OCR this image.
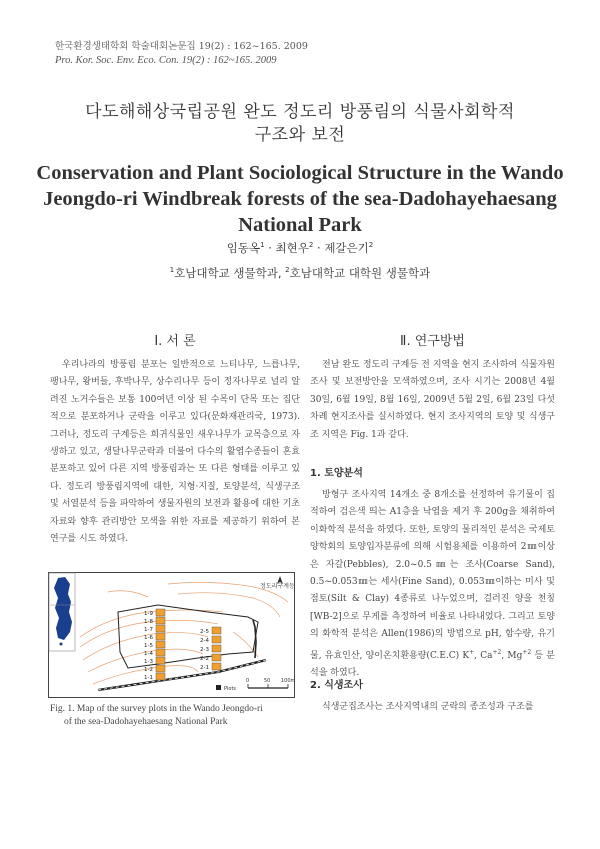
한국환경생태학회 학술대회논문집 19(2) : 162~165. 2009
Pro. Kor. Soc. Env. Eco. Con. 19(2) : 162~165. 2009
다도해해상국립공원 완도 정도리 방풍림의 식물사회학적
구조와 보전
Conservation and Plant Sociological Structure in the Wando
Jeongdo-ri Windbreak forests of the sea-Dadohayehaesang
National Park
임동옥$^1$ · 최현우$^2$ · 제갈은기$^2$
$^1$호남대학교 생물학과, $^2$호남대학교 대학원 생물학과
Ⅰ. 서 론

우리나라의 방풍림 분포는 일반적으로 느티나무, 느릅나무, 팽나무, 왕버들, 후박나무, 상수리나무 등이 정자나무로 널리 알려진 노거수들은 보통 100여년 이상 된 수목이 단목 또는 집단적으로 분포하거나 군락을 이루고 있다(문화재관리국, 1973). 그러나, 정도리 구계등은 희귀식물인 새우나무가 교목층으로 자생하고 있고, 생달나무군락과 더불어 다수의 활엽수종들이 혼효 분포하고 있어 다른 지역 방풍림과는 또 다른 형태를 이루고 있다. 정도리 방풍림지역에 대한, 지형·지질, 토양분석, 식생구조 및 서열분석 등을 파악하여 생물자원의 보전과 활용에 대한 기초자료와 향후 관리방안 모색을 위한 자료를 제공하기 위하여 본 연구를 시도 하였다.

정도리구계등
1-9
1-8
1-7
1-6
1-5
1-4
1-3
1-2
1-1
2-5
2-4
2-3
2-2
2-1
Plots
0	50 100m
Fig. 1. Map of the survey plots in the Wando Jeongdo-ri
of the sea-Dadohayehaesang National Park
Ⅱ. 연구방법

전남 완도 정도리 구계등 전 지역을 현지 조사하여 식물자원 조사 및 보전방안을 모색하였으며, 조사 시기는 2008년 4월 30일, 6월 19일, 8월 16일, 2009년 5월 2일, 6월 23일 다섯 차례 현지조사를 실시하였다. 현지 조사지역의 토양 및 식생구조 지역은 Fig. 1과 같다.

1. 토양분석

방형구 조사지역 14개소 중 8개소를 선정하여 유기물이 집적하여 검은색 띄는 A1층을 낙엽을 제거 후 200g을 채취하여 이화학적 분석을 하였다. 또한, 토양의 물리적인 분석은 국제토양학회의 토양입자분류에 의해 시험용체를 이용하여 2㎜이상은 자갈(Pebbles), 2.0~0.5㎜는 조사(Coarse Sand), 0.5~0.053㎜는 세사(Fine Sand), 0.053㎜이하는 미사 및 점토(Silt & Clay) 4종류로 나누었으며, 걸러진 양을 천칭[WB-2]으로 무게를 측정하여 비율로 나타내었다. 그리고 토양의 화학적 분석은 Allen(1986)의 방법으로 pH, 함수량, 유기물, 유효인산, 양이온치환용량(C.E.C) K+, $Ca^{+2}$, $Mg^{+2}$ 등 분석을 하였다.

2. 식생조사

식생군집조사는 조사지역내의 군락의 종조성과 구조를
